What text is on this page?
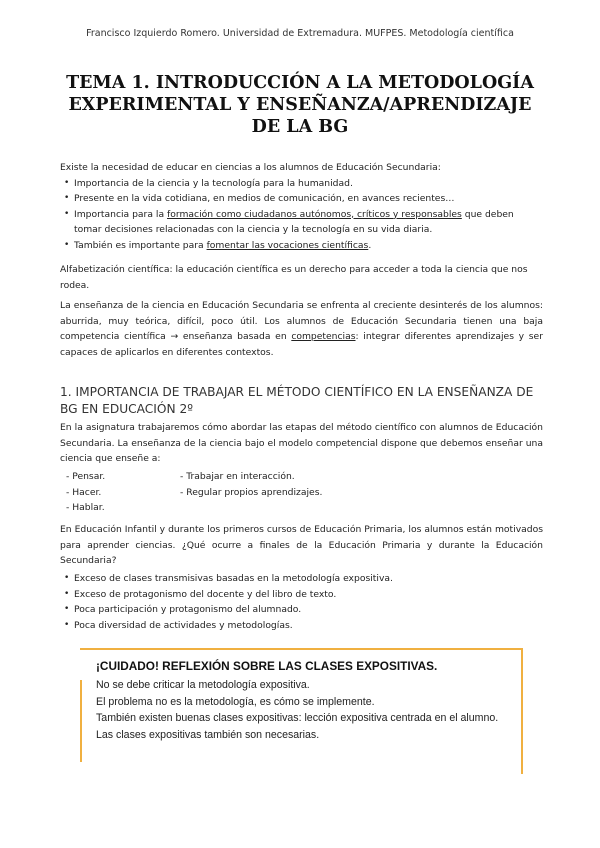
Francisco Izquierdo Romero. Universidad de Extremadura. MUFPES. Metodología científica
TEMA 1. INTRODUCCIÓN A LA METODOLOGÍA EXPERIMENTAL Y ENSEÑANZA/APRENDIZAJE DE LA BG

Existe la necesidad de educar en ciencias a los alumnos de Educación Secundaria:

• Importancia de la ciencia y la tecnología para la humanidad.
• Presente en la vida cotidiana, en medios de comunicación, en avances recientes…
• Importancia para la formación como ciudadanos autónomos, críticos y responsables que deben tomar decisiones relacionadas con la ciencia y la tecnología en su vida diaria.
• También es importante para fomentar las vocaciones científicas.
Alfabetización científica: la educación científica es un derecho para acceder a toda la ciencia que nos rodea.
La enseñanza de la ciencia en Educación Secundaria se enfrenta al creciente desinterés de los alumnos: aburrida, muy teórica, difícil, poco útil. Los alumnos de Educación Secundaria tienen una baja competencia científica → enseñanza basada en competencias: integrar diferentes aprendizajes y ser capaces de aplicarlos en diferentes contextos.
1. IMPORTANCIA DE TRABAJAR EL MÉTODO CIENTÍFICO EN LA ENSEÑANZA DE BG EN EDUCACIÓN 2º
En la asignatura trabajaremos cómo abordar las etapas del método científico con alumnos de Educación Secundaria. La enseñanza de la ciencia bajo el modelo competencial dispone que debemos enseñar una ciencia que enseñe a:
- Pensar.
- Hacer.
- Hablar.
- Trabajar en interacción.
- Regular propios aprendizajes.
En Educación Infantil y durante los primeros cursos de Educación Primaria, los alumnos están motivados para aprender ciencias. ¿Qué ocurre a finales de la Educación Primaria y durante la Educación Secundaria?
• Exceso de clases transmisivas basadas en la metodología expositiva.
• Exceso de protagonismo del docente y del libro de texto.
• Poca participación y protagonismo del alumnado.
• Poca diversidad de actividades y metodologías.
¡CUIDADO! REFLEXIÓN SOBRE LAS CLASES EXPOSITIVAS.
No se debe criticar la metodología expositiva.
El problema no es la metodología, es cómo se implemente.
También existen buenas clases expositivas: lección expositiva centrada en el alumno.
Las clases expositivas también son necesarias.
